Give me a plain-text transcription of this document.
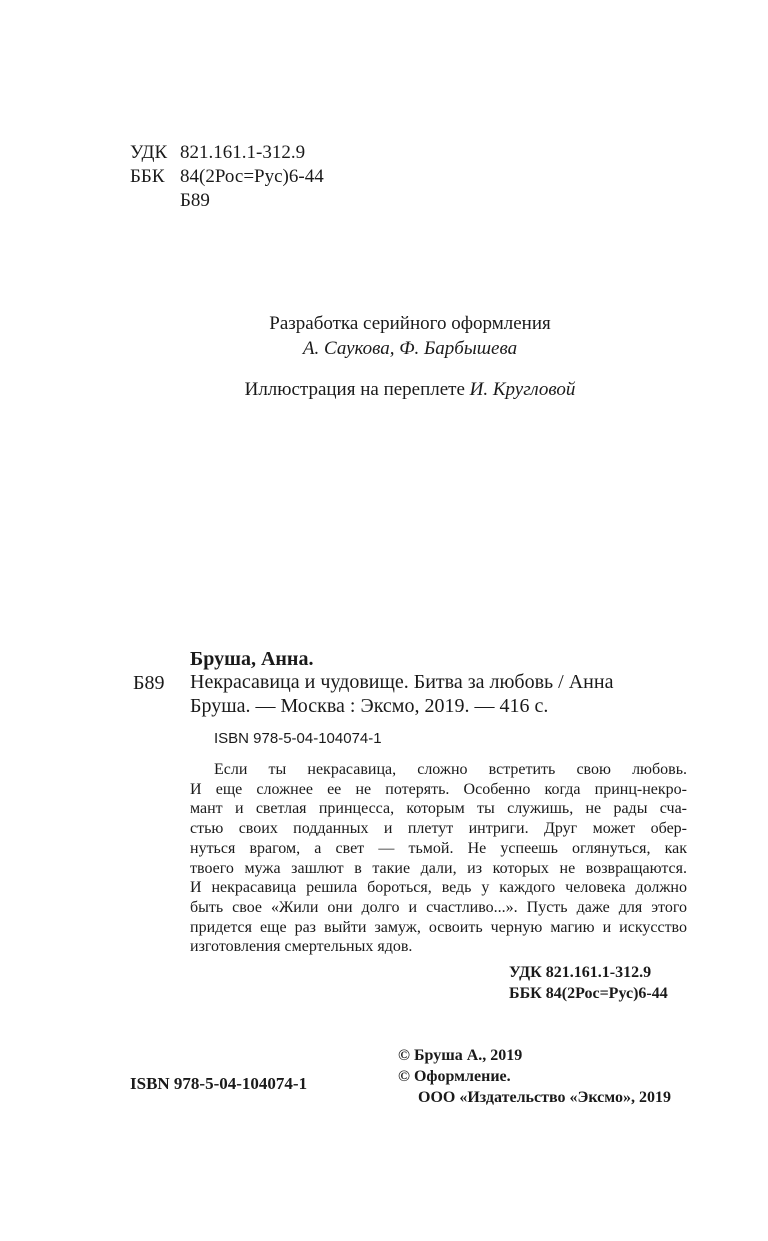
УДК 821.161.1-312.9
ББК 84(2Рос=Рус)6-44
Б89
Разработка серийного оформления
А. Саукова, Ф. Барбышева
Иллюстрация на переплете И. Кругловой
Бруша, Анна.
Б89 Некрасавица и чудовище. Битва за любовь / Анна
Бруша. — Москва : Эксмо, 2019. — 416 с.
ISBN 978-5-04-104074-1

Если ты некрасавица, сложно встретить свою любовь.

И еще сложнее ее не потерять. Особенно когда принц-некро-

мант и светлая принцесса, которым ты служишь, не рады сча-

стью своих подданных и плетут интриги. Друг может обер-

нуться врагом, а свет — тьмой. Не успеешь оглянуться, как

твоего мужа зашлют в такие дали, из которых не возвращаются.

И некрасавица решила бороться, ведь у каждого человека должно

быть свое «Жили они долго и счастливо...». Пусть даже для этого

придется еще раз выйти замуж, освоить черную магию и искусство

изготовления смертельных ядов.

УДК 821.161.1-312.9
ББК 84(2Рос=Рус)6-44
© Бруша А., 2019
© Оформление.
ООО «Издательство «Эксмо», 2019
ISBN 978-5-04-104074-1
